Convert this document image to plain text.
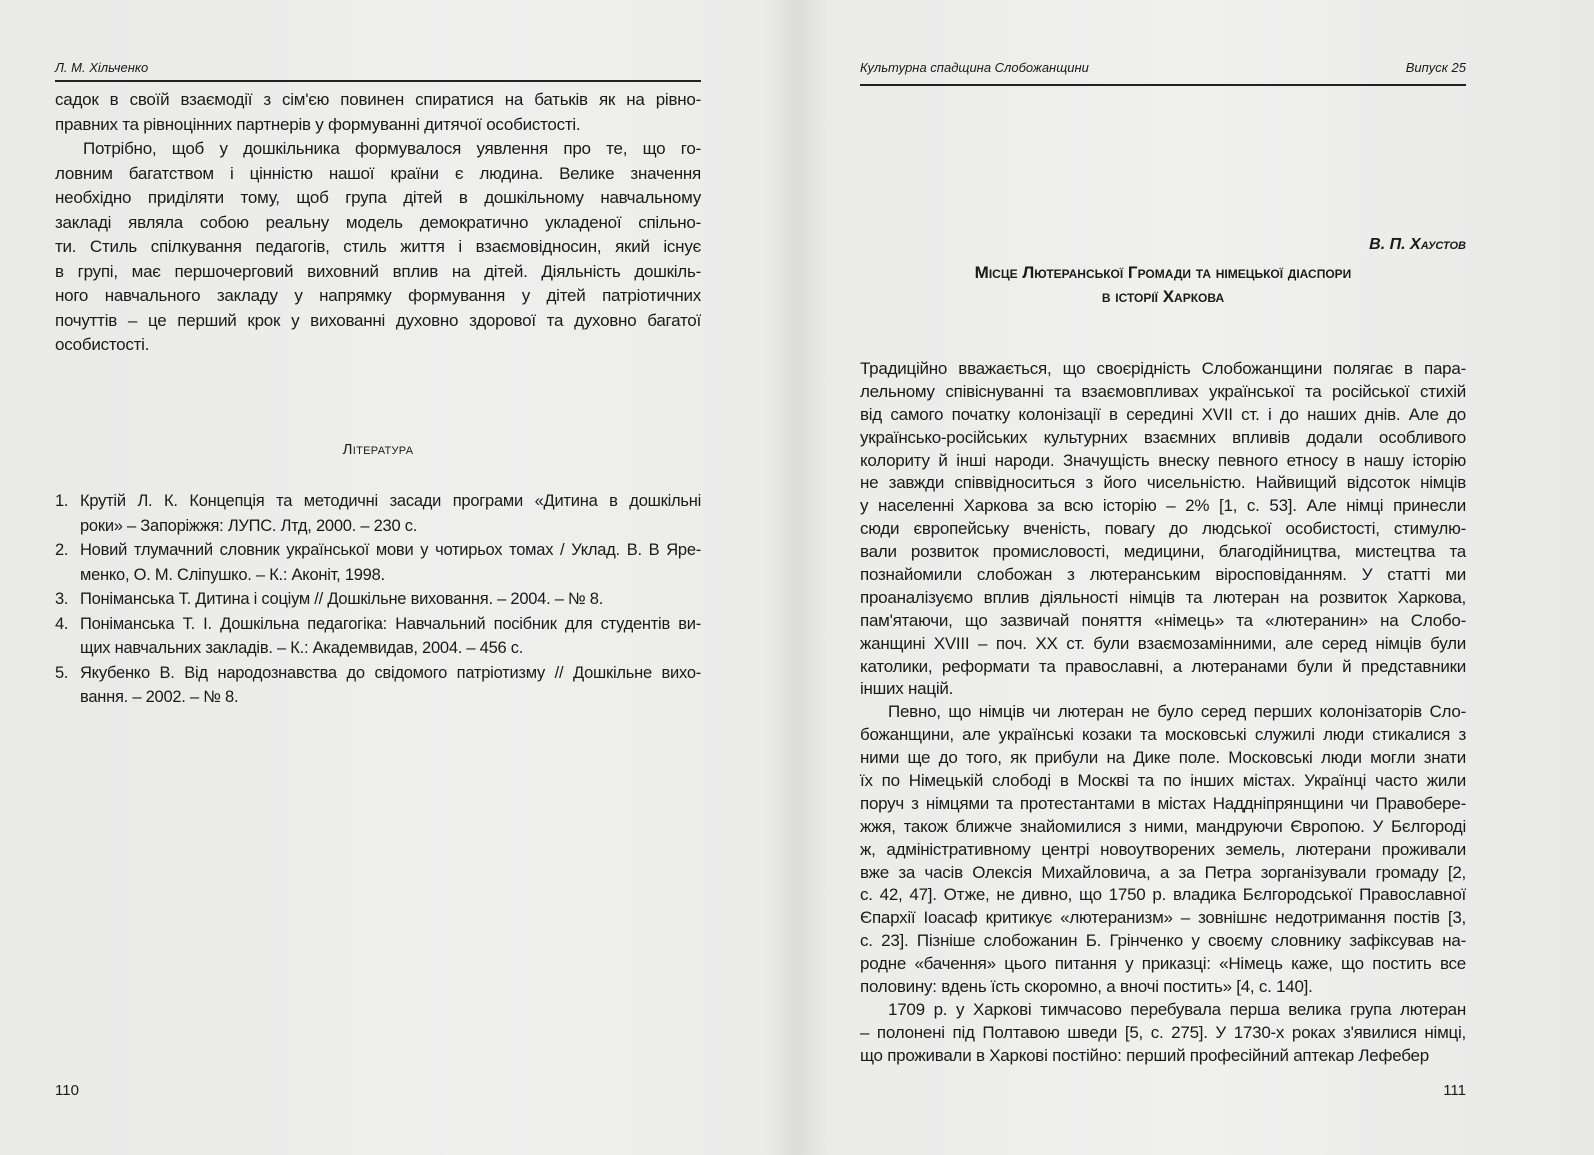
Л. М. Хільченко
садок в своїй взаємодії з сім'єю повинен спиратися на батьків як на рівно-
правних та рівноцінних партнерів у формуванні дитячої особистості.
Потрібно, щоб у дошкільника формувалося уявлення про те, що го-
ловним багатством і цінністю нашої країни є людина. Велике значення
необхідно приділяти тому, щоб група дітей в дошкільному навчальному
закладі являла собою реальну модель демократично укладеної спільно-
ти. Стиль спілкування педагогів, стиль життя і взаємовідносин, який існує
в групі, має першочерговий виховний вплив на дітей. Діяльність дошкіль-
ного навчального закладу у напрямку формування у дітей патріотичних
почуттів – це перший крок у вихованні духовно здорової та духовно багатої
особистості.
Література
1. Крутій Л. К. Концепція та методичні засади програми «Дитина в дошкільні
роки» – Запоріжжя: ЛУПС. Лтд, 2000. – 230 с.
2. Новий тлумачний словник української мови у чотирьох томах / Уклад. В. В Яре-
менко, О. М. Сліпушко. – К.: Аконіт, 1998.
3. Поніманська Т. Дитина і соціум // Дошкільне виховання. – 2004. – № 8.
4. Поніманська Т. І. Дошкільна педагогіка: Навчальний посібник для студентів ви-
щих навчальних закладів. – К.: Академвидав, 2004. – 456 с.
5. Якубенко В. Від народознавства до свідомого патріотизму // Дошкільне вихо-
вання. – 2002. – № 8.
110
Культурна спадщина Слобожанщини	Випуск 25
В. П. Хаустов
Місце Лютеранської Громади та німецької діаспори
в історії Харкова
Традиційно вважається, що своєрідність Слобожанщини полягає в пара-
лельному співіснуванні та взаємовпливах української та російської стихій
від самого початку колонізації в середині XVII ст. і до наших днів. Але до
українсько-російських культурних взаємних впливів додали особливого
колориту й інші народи. Значущість внеску певного етносу в нашу історію
не завжди співвідноситься з його чисельністю. Найвищий відсоток німців
у населенні Харкова за всю історію – 2% [1, с. 53]. Але німці принесли
сюди європейську вченість, повагу до людської особистості, стимулю-
вали розвиток промисловості, медицини, благодійництва, мистецтва та
познайомили слобожан з лютеранським віросповіданням. У статті ми
проаналізуємо вплив діяльності німців та лютеран на розвиток Харкова,
пам'ятаючи, що зазвичай поняття «німець» та «лютеранин» на Слобо-
жанщині XVIII – поч. XX ст. були взаємозамінними, але серед німців були
католики, реформати та православні, а лютеранами були й представники
інших націй.
Певно, що німців чи лютеран не було серед перших колонізаторів Сло-
божанщини, але українські козаки та московські служилі люди стикалися з
ними ще до того, як прибули на Дике поле. Московські люди могли знати
їх по Німецькій слободі в Москві та по інших містах. Українці часто жили
поруч з німцями та протестантами в містах Наддніпрянщини чи Правобере-
жжя, також ближче знайомилися з ними, мандруючи Європою. У Бєлгороді
ж, адміністративному центрі новоутворених земель, лютерани проживали
вже за часів Олексія Михайловича, а за Петра зорганізували громаду [2,
с. 42, 47]. Отже, не дивно, що 1750 р. владика Бєлгородської Православної
Єпархії Іоасаф критикує «лютеранизм» – зовнішнє недотримання постів [3,
с. 23]. Пізніше слобожанин Б. Грінченко у своєму словнику зафіксував на-
родне «бачення» цього питання у приказці: «Німець каже, що постить все
половину: вдень їсть скоромно, а вночі постить» [4, с. 140].
1709 р. у Харкові тимчасово перебувала перша велика група лютеран
– полонені під Полтавою шведи [5, с. 275]. У 1730-х роках з'явилися німці,
що проживали в Харкові постійно: перший професійний аптекар Лефебер
111
